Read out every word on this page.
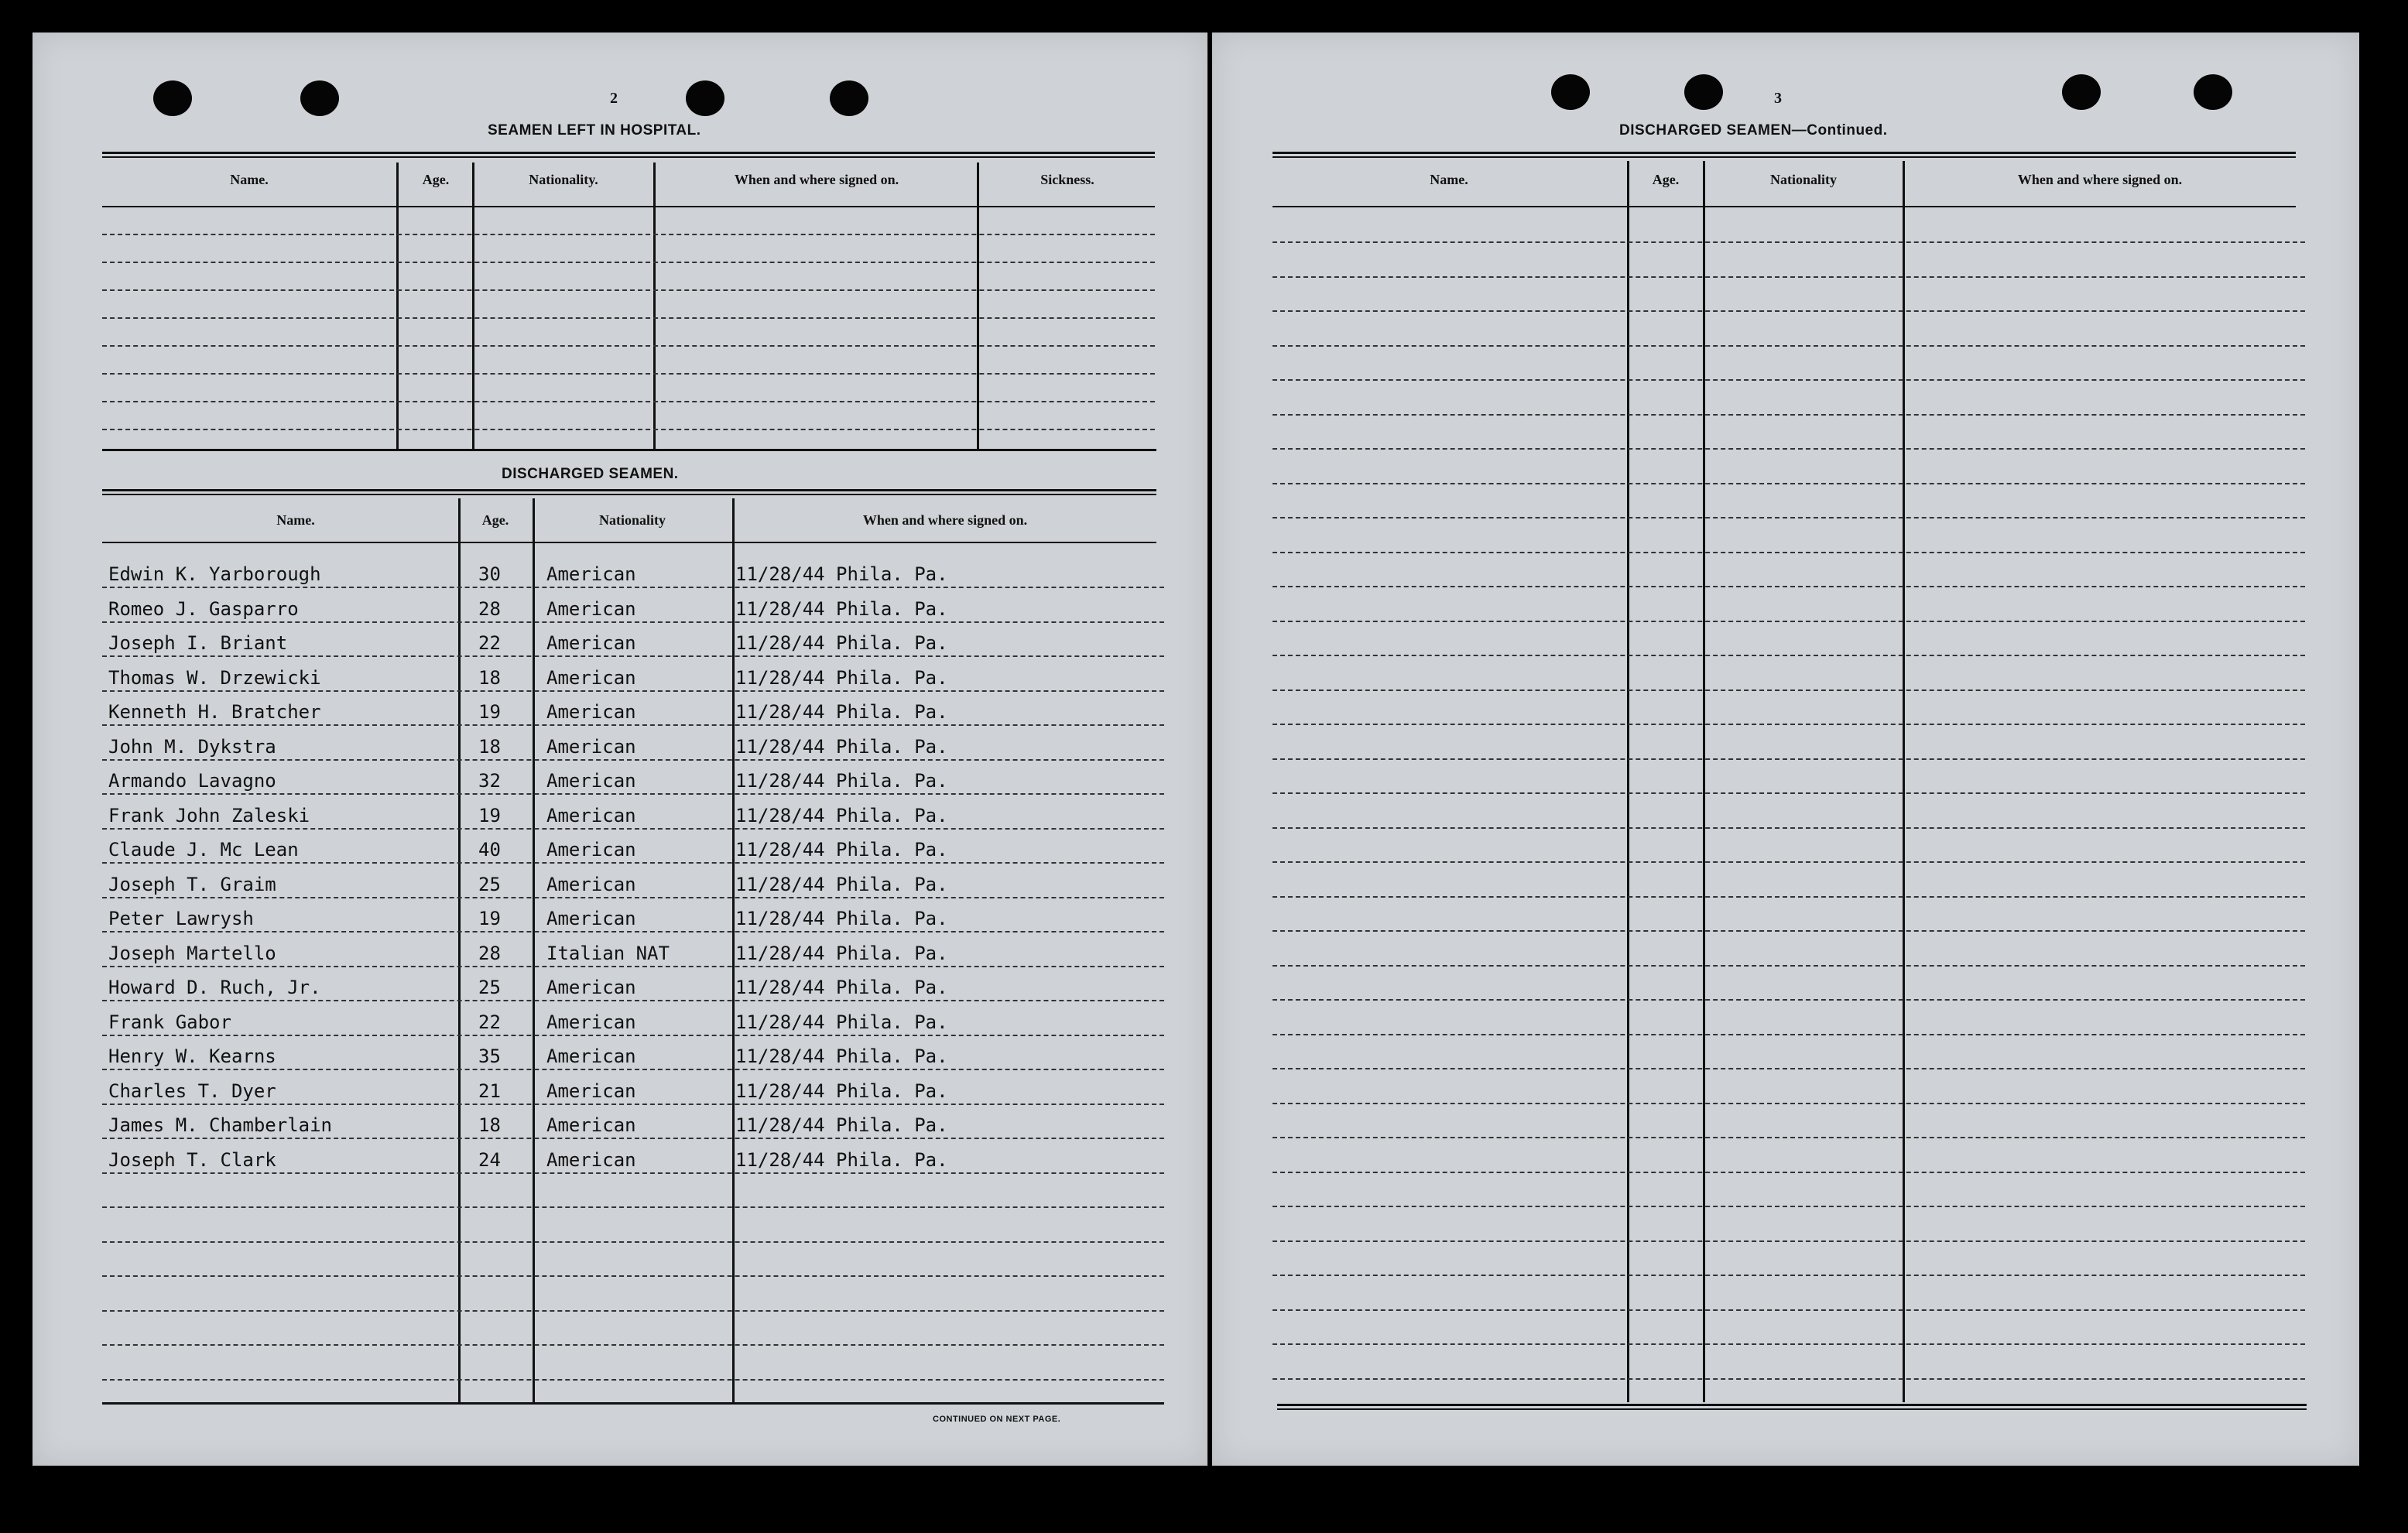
2
SEAMEN LEFT IN HOSPITAL.
Name.	Age.	Nationality.	When and where signed on.	Sickness.
DISCHARGED SEAMEN.
Name.	Age.	Nationality	When and where signed on.
Edwin K. Yarborough	30 American	11/28/44 Phila. Pa.
Romeo J. Gasparro	28 American	11/28/44 Phila. Pa.
Joseph I. Briant	22 American	11/28/44 Phila. Pa.
Thomas W. Drzewicki	18 American	11/28/44 Phila. Pa.
Kenneth H. Bratcher	19 American	11/28/44 Phila. Pa.
John M. Dykstra	18 American	11/28/44 Phila. Pa.
Armando Lavagno	32 American	11/28/44 Phila. Pa.
Frank John Zaleski	19 American	11/28/44 Phila. Pa.
Claude J. Mc Lean	40 American	11/28/44 Phila. Pa.
Joseph T. Graim	25 American	11/28/44 Phila. Pa.
Peter Lawrysh	19 American	11/28/44 Phila. Pa.
Joseph Martello	28 Italian NAT	11/28/44 Phila. Pa.
Howard D. Ruch, Jr.	25 American	11/28/44 Phila. Pa.
Frank Gabor	22 American	11/28/44 Phila. Pa.
Henry W. Kearns	35 American	11/28/44 Phila. Pa.
Charles T. Dyer	21 American	11/28/44 Phila. Pa.
James M. Chamberlain	18 American	11/28/44 Phila. Pa.
Joseph T. Clark	24 American	11/28/44 Phila. Pa.
CONTINUED ON NEXT PAGE.
3
DISCHARGED SEAMEN—Continued.
Name.	Age.	Nationality	When and where signed on.
